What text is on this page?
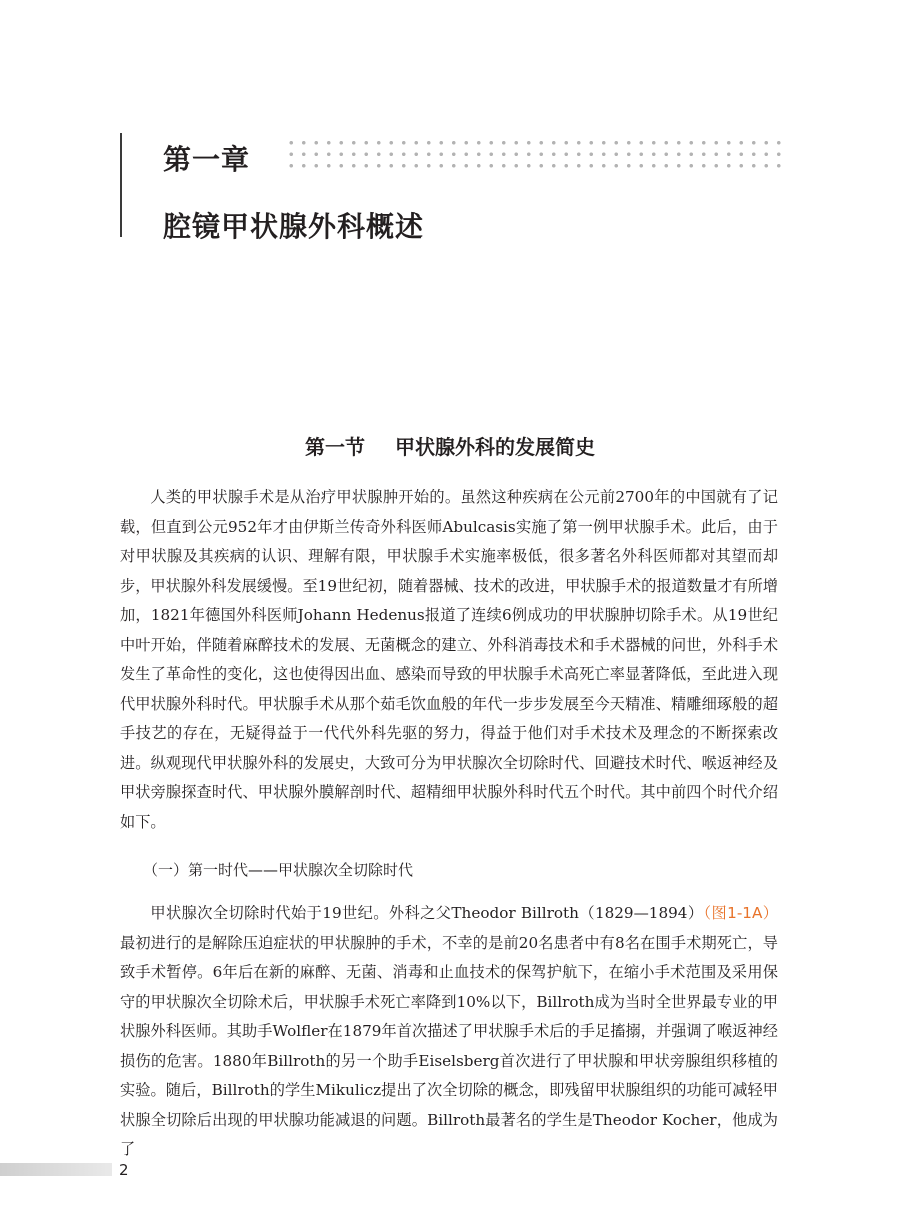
第一章
腔镜甲状腺外科概述
第一节 甲状腺外科的发展简史

人类的甲状腺手术是从治疗甲状腺肿开始的。虽然这种疾病在公元前2700年的中国就有了记载，但直到公元952年才由伊斯兰传奇外科医师Abulcasis实施了第一例甲状腺手术。此后，由于对甲状腺及其疾病的认识、理解有限，甲状腺手术实施率极低，很多著名外科医师都对其望而却步，甲状腺外科发展缓慢。至19世纪初，随着器械、技术的改进，甲状腺手术的报道数量才有所增加，1821年德国外科医师Johann Hedenus报道了连续6例成功的甲状腺肿切除手术。从19世纪中叶开始，伴随着麻醉技术的发展、无菌概念的建立、外科消毒技术和手术器械的问世，外科手术发生了革命性的变化，这也使得因出血、感染而导致的甲状腺手术高死亡率显著降低，至此进入现代甲状腺外科时代。甲状腺手术从那个茹毛饮血般的年代一步步发展至今天精准、精雕细琢般的超手技艺的存在，无疑得益于一代代外科先驱的努力，得益于他们对手术技术及理念的不断探索改进。纵观现代甲状腺外科的发展史，大致可分为甲状腺次全切除时代、回避技术时代、喉返神经及甲状旁腺探查时代、甲状腺外膜解剖时代、超精细甲状腺外科时代五个时代。其中前四个时代介绍如下。

（一）第一时代——甲状腺次全切除时代

甲状腺次全切除时代始于19世纪。外科之父Theodor Billroth（1829—1894）（图1-1A）最初进行的是解除压迫症状的甲状腺肿的手术，不幸的是前20名患者中有8名在围手术期死亡，导致手术暂停。6年后在新的麻醉、无菌、消毒和止血技术的保驾护航下，在缩小手术范围及采用保守的甲状腺次全切除术后，甲状腺手术死亡率降到10%以下，Billroth成为当时全世界最专业的甲状腺外科医师。其助手Wolfler在1879年首次描述了甲状腺手术后的手足搐搦，并强调了喉返神经损伤的危害。1880年Billroth的另一个助手Eiselsberg首次进行了甲状腺和甲状旁腺组织移植的实验。随后，Billroth的学生Mikulicz提出了次全切除的概念，即残留甲状腺组织的功能可减轻甲状腺全切除后出现的甲状腺功能减退的问题。Billroth最著名的学生是Theodor Kocher，他成为了

2
